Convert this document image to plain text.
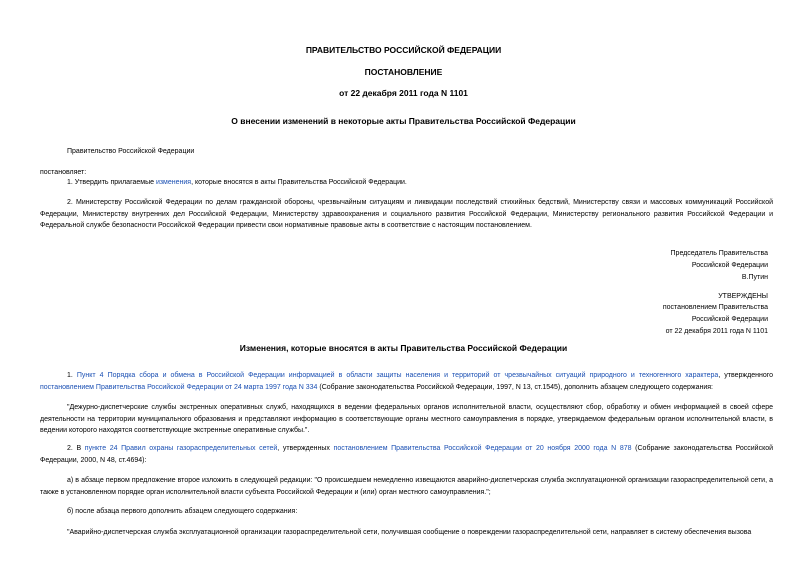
ПРАВИТЕЛЬСТВО РОССИЙСКОЙ ФЕДЕРАЦИИ
ПОСТАНОВЛЕНИЕ
от 22 декабря 2011 года N 1101
О внесении изменений в некоторые акты Правительства Российской Федерации
Правительство Российской Федерации
постановляет:
1. Утвердить прилагаемые изменения, которые вносятся в акты Правительства Российской Федерации.
2. Министерству Российской Федерации по делам гражданской обороны, чрезвычайным ситуациям и ликвидации последствий стихийных бедствий, Министерству связи и массовых коммуникаций Российской Федерации, Министерству внутренних дел Российской Федерации, Министерству здравоохранения и социального развития Российской Федерации, Министерству регионального развития Российской Федерации и Федеральной службе безопасности Российской Федерации привести свои нормативные правовые акты в соответствие с настоящим постановлением.
Председатель Правительства
Российской Федерации
В.Путин
УТВЕРЖДЕНЫ
постановлением Правительства
Российской Федерации
от 22 декабря 2011 года N 1101
Изменения, которые вносятся в акты Правительства Российской Федерации
1. Пункт 4 Порядка сбора и обмена в Российской Федерации информацией в области защиты населения и территорий от чрезвычайных ситуаций природного и техногенного характера, утвержденного постановлением Правительства Российской Федерации от 24 марта 1997 года N 334 (Собрание законодательства Российской Федерации, 1997, N 13, ст.1545), дополнить абзацем следующего содержания:
"Дежурно-диспетчерские службы экстренных оперативных служб, находящихся в ведении федеральных органов исполнительной власти, осуществляют сбор, обработку и обмен информацией в своей сфере деятельности на территории муниципального образования и представляют информацию в соответствующие органы местного самоуправления в порядке, утверждаемом федеральным органом исполнительной власти, в ведении которого находятся соответствующие экстренные оперативные службы.".
2. В пункте 24 Правил охраны газораспределительных сетей, утвержденных постановлением Правительства Российской Федерации от 20 ноября 2000 года N 878 (Собрание законодательства Российской Федерации, 2000, N 48, ст.4694):
а) в абзаце первом предложение второе изложить в следующей редакции: "О происшедшем немедленно извещаются аварийно-диспетчерская служба эксплуатационной организации газораспределительной сети, а также в установленном порядке орган исполнительной власти субъекта Российской Федерации и (или) орган местного самоуправления.";
б) после абзаца первого дополнить абзацем следующего содержания:
"Аварийно-диспетчерская служба эксплуатационной организации газораспределительной сети, получившая сообщение о повреждении газораспределительной сети, направляет в систему обеспечения вызова
